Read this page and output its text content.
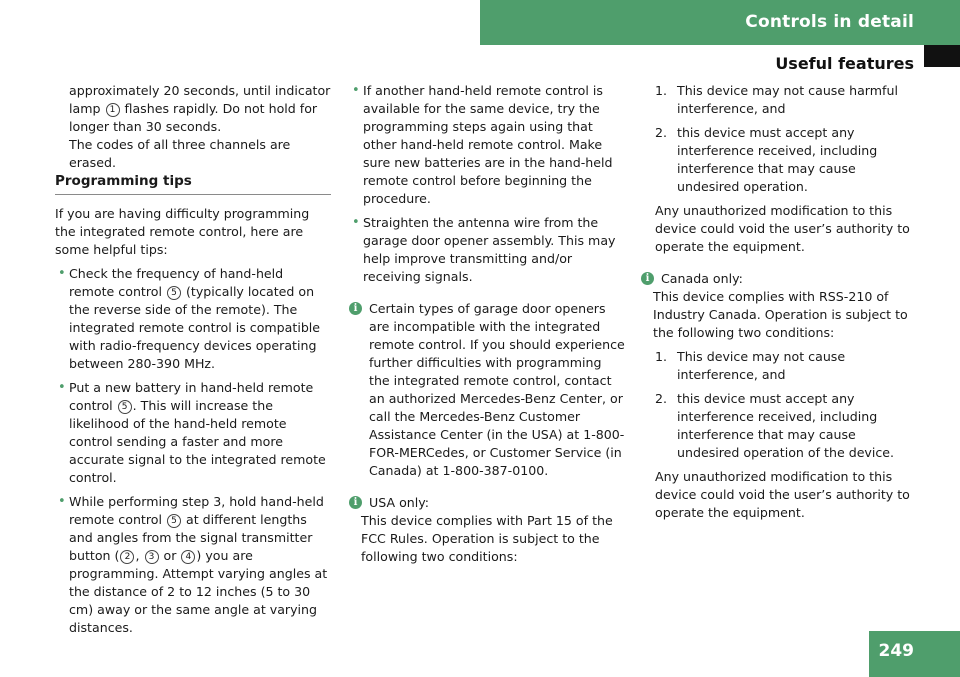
Controls in detail
Useful features

approximately 20 seconds, until indicator lamp 1 flashes rapidly. Do not hold for longer than 30 seconds.
The codes of all three channels are erased.

Programming tips

If you are having difficulty programming the integrated remote control, here are some helpful tips:

• Check the frequency of hand-held remote control 5 (typically located on the reverse side of the remote). The integrated remote control is compatible with radio-frequency devices operating between 280-390 MHz.

• Put a new battery in hand-held remote control 5 . This will increase the likelihood of the hand-held remote control sending a faster and more accurate signal to the integrated remote control.

• While performing step 3, hold hand-held remote control 5 at different lengths and angles from the signal transmitter button ( 2 , 3 or 4 ) you are programming. Attempt varying angles at the distance of 2 to 12 inches (5 to 30 cm) away or the same angle at varying distances.

• If another hand-held remote control is available for the same device, try the programming steps again using that other hand-held remote control. Make sure new batteries are in the hand-held remote control before beginning the procedure.

• Straighten the antenna wire from the garage door opener assembly. This may help improve transmitting and/or receiving signals.

i Certain types of garage door openers are incompatible with the integrated remote control. If you should experience further difficulties with programming the integrated remote control, contact an authorized Mercedes-Benz Center, or call the Mercedes-Benz Customer Assistance Center (in the USA) at 1-800-FOR-MERCedes, or Customer Service (in Canada) at 1-800-387-0100.

i USA only:

This device complies with Part 15 of the FCC Rules. Operation is subject to the following two conditions:

1. This device may not cause harmful interference, and

2. this device must accept any interference received, including interference that may cause undesired operation.

Any unauthorized modification to this device could void the user’s authority to operate the equipment.

i Canada only:

This device complies with RSS-210 of Industry Canada. Operation is subject to the following two conditions:

1. This device may not cause interference, and

2. this device must accept any interference received, including interference that may cause undesired operation of the device.

Any unauthorized modification to this device could void the user’s authority to operate the equipment.

249
